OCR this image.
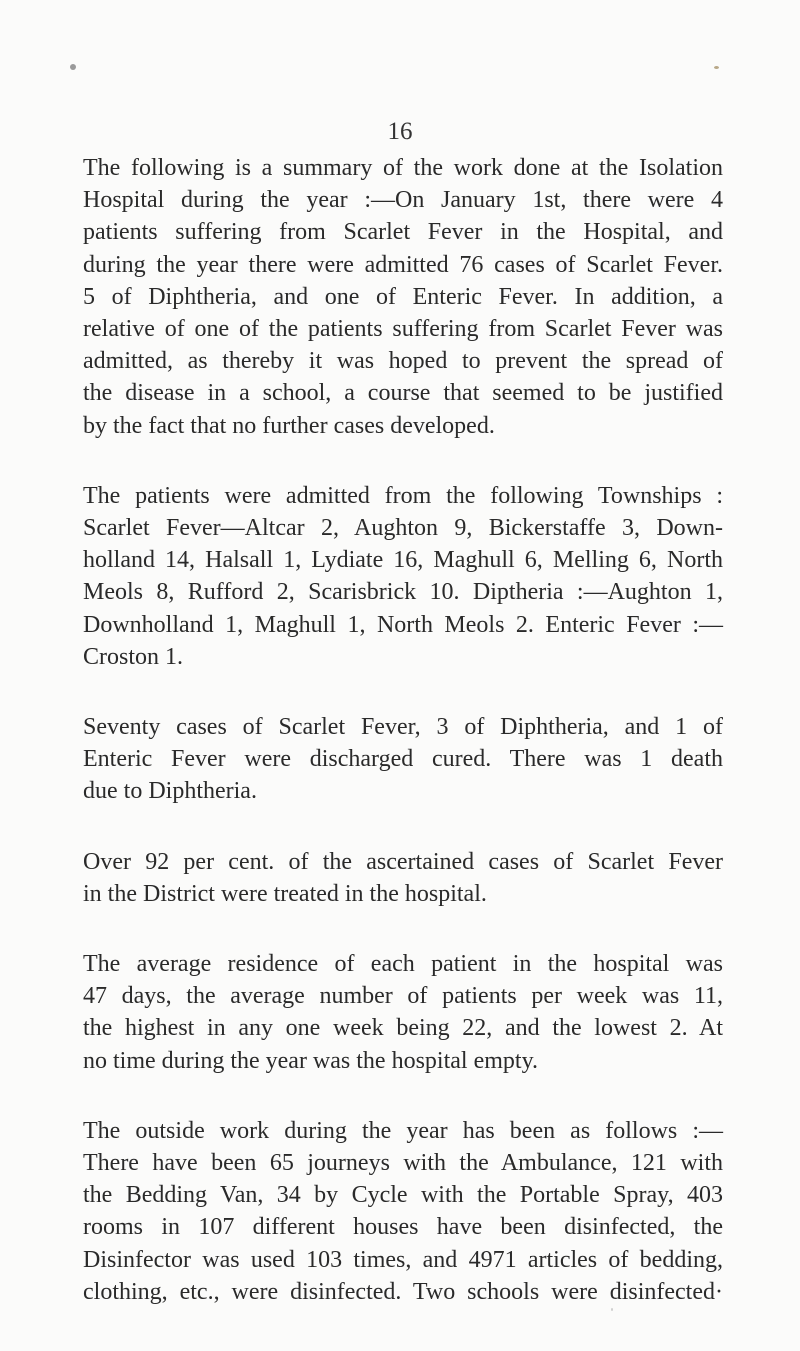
16

The following is a summary of the work done at the Isolation
Hospital during the year :—On January 1st, there were 4
patients suffering from Scarlet Fever in the Hospital, and
during the year there were admitted 76 cases of Scarlet Fever.
5 of Diphtheria, and one of Enteric Fever. In addition, a
relative of one of the patients suffering from Scarlet Fever was
admitted, as thereby it was hoped to prevent the spread of
the disease in a school, a course that seemed to be justified
by the fact that no further cases developed.

The patients were admitted from the following Townships :
Scarlet Fever—Altcar 2, Aughton 9, Bickerstaffe 3, Down-
holland 14, Halsall 1, Lydiate 16, Maghull 6, Melling 6, North
Meols 8, Rufford 2, Scarisbrick 10. Diptheria :—Aughton 1,
Downholland 1, Maghull 1, North Meols 2. Enteric Fever :—
Croston 1.

Seventy cases of Scarlet Fever, 3 of Diphtheria, and 1 of
Enteric Fever were discharged cured. There was 1 death
due to Diphtheria.

Over 92 per cent. of the ascertained cases of Scarlet Fever
in the District were treated in the hospital.

The average residence of each patient in the hospital was
47 days, the average number of patients per week was 11,
the highest in any one week being 22, and the lowest 2. At
no time during the year was the hospital empty.

The outside work during the year has been as follows :—
There have been 65 journeys with the Ambulance, 121 with
the Bedding Van, 34 by Cycle with the Portable Spray, 403
rooms in 107 different houses have been disinfected, the
Disinfector was used 103 times, and 4971 articles of bedding,
clothing, etc., were disinfected. Two schools were disinfected·
